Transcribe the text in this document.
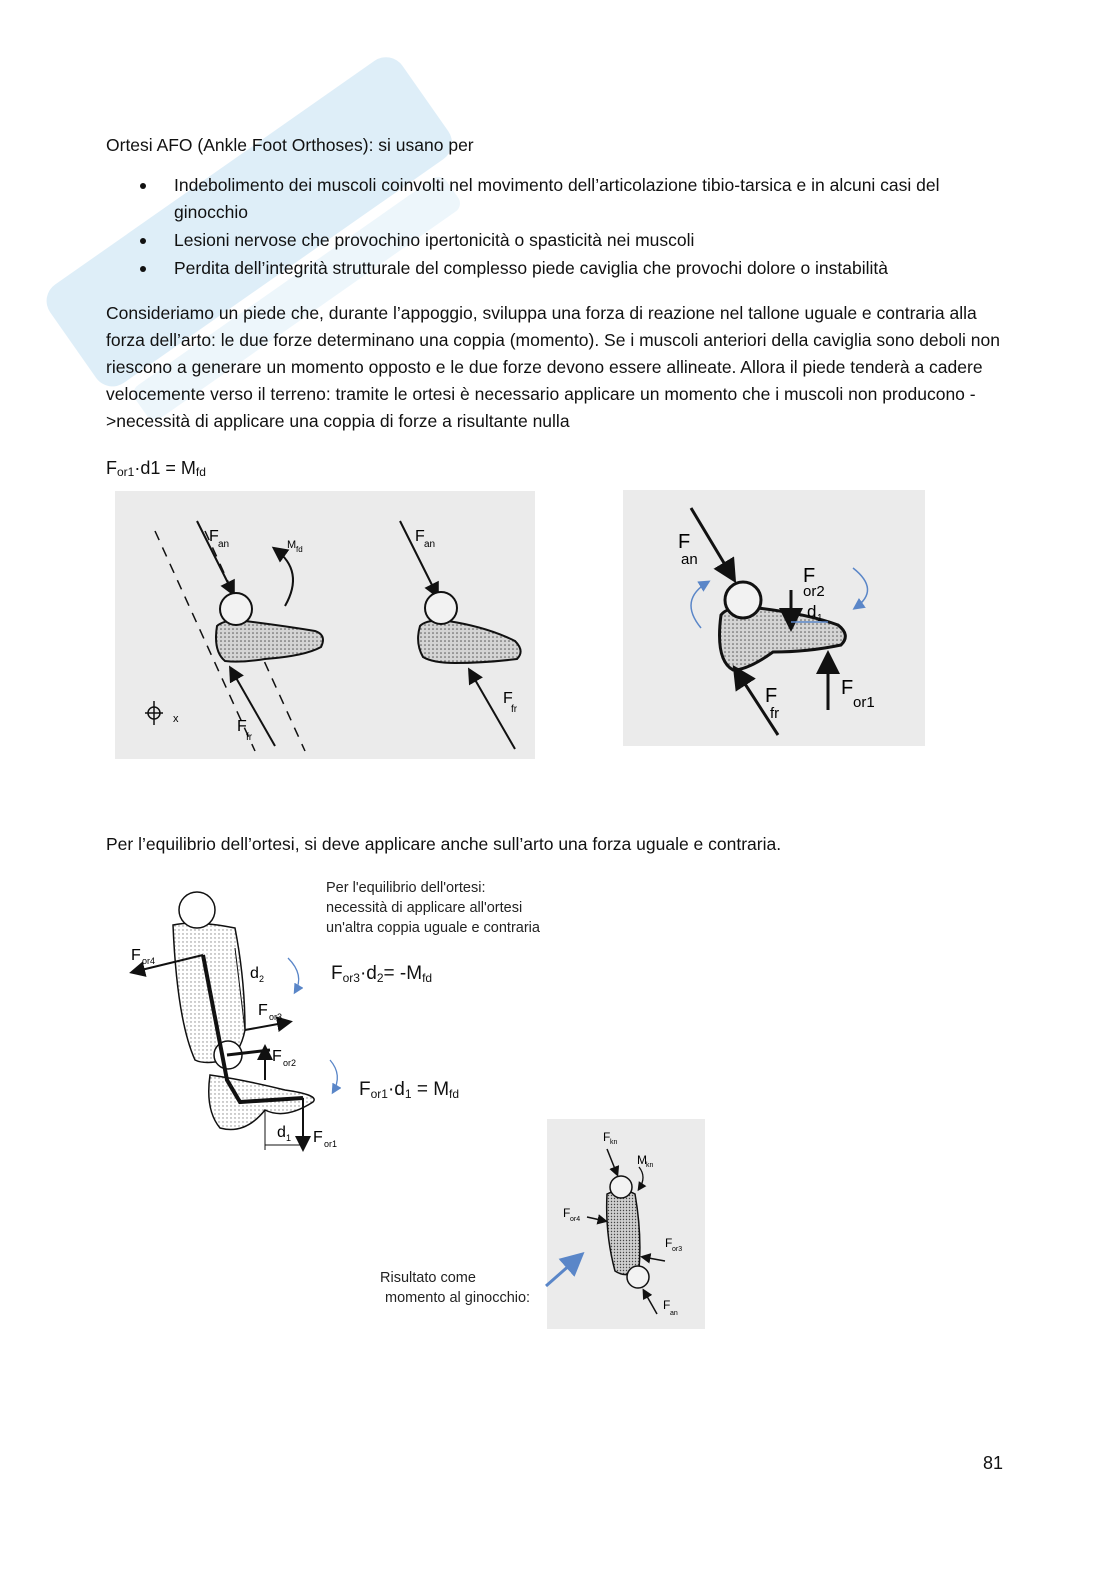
Ortesi AFO (Ankle Foot Orthoses): si usano per
Indebolimento dei muscoli coinvolti nel movimento dell’articolazione tibio-tarsica e in alcuni casi del ginocchio
Lesioni nervose che provochino ipertonicità o spasticità nei muscoli
Perdita dell’integrità strutturale del complesso piede caviglia che provochi dolore o instabilità
Consideriamo un piede che, durante l’appoggio, sviluppa una forza di reazione nel tallone uguale e contraria alla forza dell’arto: le due forze determinano una coppia (momento). Se i muscoli anteriori della caviglia sono deboli non riescono a generare un momento opposto e le due forze devono essere allineate. Allora il piede tenderà a cadere velocemente verso il terreno: tramite le ortesi è necessario applicare un momento che i muscoli non producono ->necessità di applicare una coppia di forze a risultante nulla
$F_{or1}\cdot d1 = M_{fd}$
x
F an	M fd
F
fr
F an
F
fr
F
an
F
or2
d 1
F
fr
F
or1
Per l’equilibrio dell’ortesi, si deve applicare anche sull’arto una forza uguale e contraria.
F or4
d 2
F or3
F or2
d 1 F or1
Per l'equilibrio dell'ortesi:
necessità di applicare all'ortesi
un'altra coppia uguale e contraria
$F_{or3}\cdot d_2= -M_{fd}$
$F_{or1}\cdot d_1 = M_{fd}$
F kn
M kn
F or4
F or3
F
an
Risultato come
momento al ginocchio:
81
